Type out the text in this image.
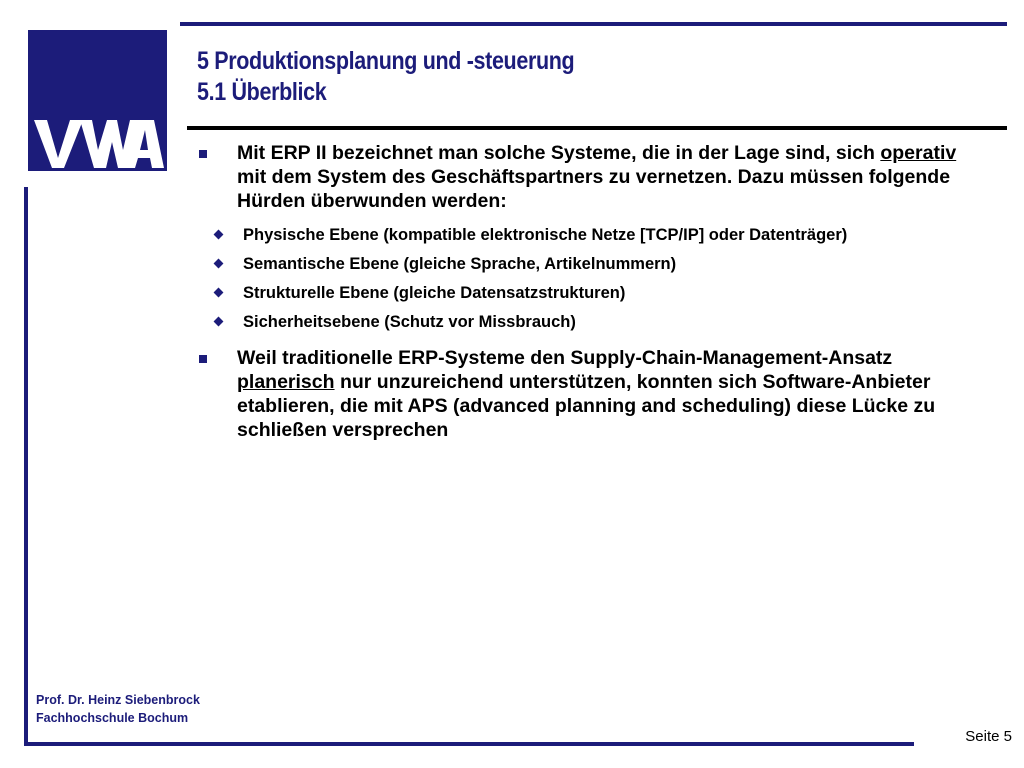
5 Produktionsplanung und -steuerung
5.1 Überblick
Mit ERP II bezeichnet man solche Systeme, die in der Lage sind, sich operativ mit dem System des Geschäftspartners zu vernetzen. Dazu müssen folgende Hürden überwunden werden:
Physische Ebene (kompatible elektronische Netze [TCP/IP] oder Datenträger)
Semantische Ebene (gleiche Sprache, Artikelnummern)
Strukturelle Ebene (gleiche Datensatzstrukturen)
Sicherheitsebene (Schutz vor Missbrauch)
Weil traditionelle ERP-Systeme den Supply-Chain-Management-Ansatz planerisch nur unzureichend unterstützen, konnten sich Software-Anbieter etablieren, die mit APS (advanced planning and scheduling) diese Lücke zu schließen versprechen
Prof. Dr. Heinz Siebenbrock
Fachhochschule Bochum
Seite 5
